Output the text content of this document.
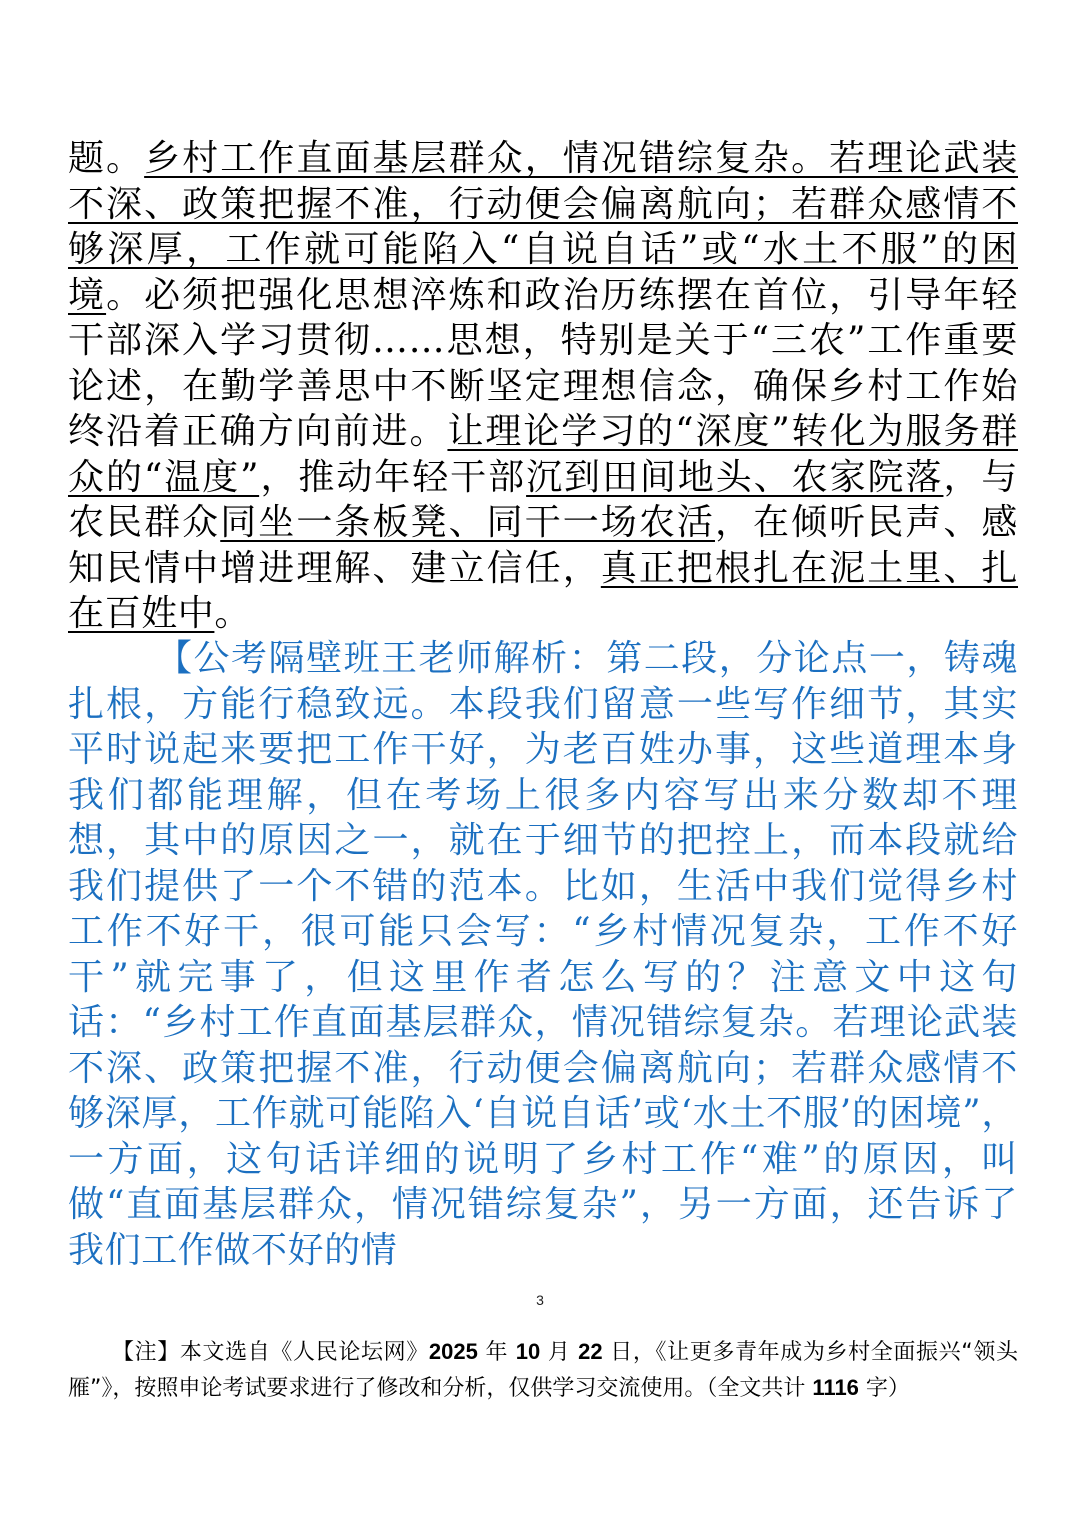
题。乡村工作直面基层群众，情况错综复杂。若理论武装不深、政策把握不准，行动便会偏离航向；若群众感情不够深厚，工作就可能陷入“自说自话”或“水土不服”的困境。必须把强化思想淬炼和政治历练摆在首位，引导年轻干部深入学习贯彻……思想，特别是关于“三农”工作重要论述，在勤学善思中不断坚定理想信念，确保乡村工作始终沿着正确方向前进。让理论学习的“深度”转化为服务群众的“温度”，推动年轻干部沉到田间地头、农家院落，与农民群众同坐一条板凳、同干一场农活，在倾听民声、感知民情中增进理解、建立信任，真正把根扎在泥土里、扎在百姓中。

【公考隔壁班王老师解析：第二段，分论点一，铸魂扎根，方能行稳致远。本段我们留意一些写作细节，其实平时说起来要把工作干好，为老百姓办事，这些道理本身我们都能理解，但在考场上很多内容写出来分数却不理想，其中的原因之一，就在于细节的把控上，而本段就给我们提供了一个不错的范本。比如，生活中我们觉得乡村工作不好干，很可能只会写：“乡村情况复杂，工作不好干”就完事了，但这里作者怎么写的？注意文中这句话：“乡村工作直面基层群众，情况错综复杂。若理论武装不深、政策把握不准，行动便会偏离航向；若群众感情不够深厚，工作就可能陷入‘自说自话’或‘水土不服’的困境”，一方面，这句话详细的说明了乡村工作“难”的原因，叫做“直面基层群众，情况错综复杂”，另一方面，还告诉了我们工作做不好的情

3

【注】本文选自《人民论坛网》2025 年 10 月 22 日，《让更多青年成为乡村全面振兴“领头雁”》，按照申论考试要求进行了修改和分析，仅供学习交流使用。（全文共计 1116 字）
